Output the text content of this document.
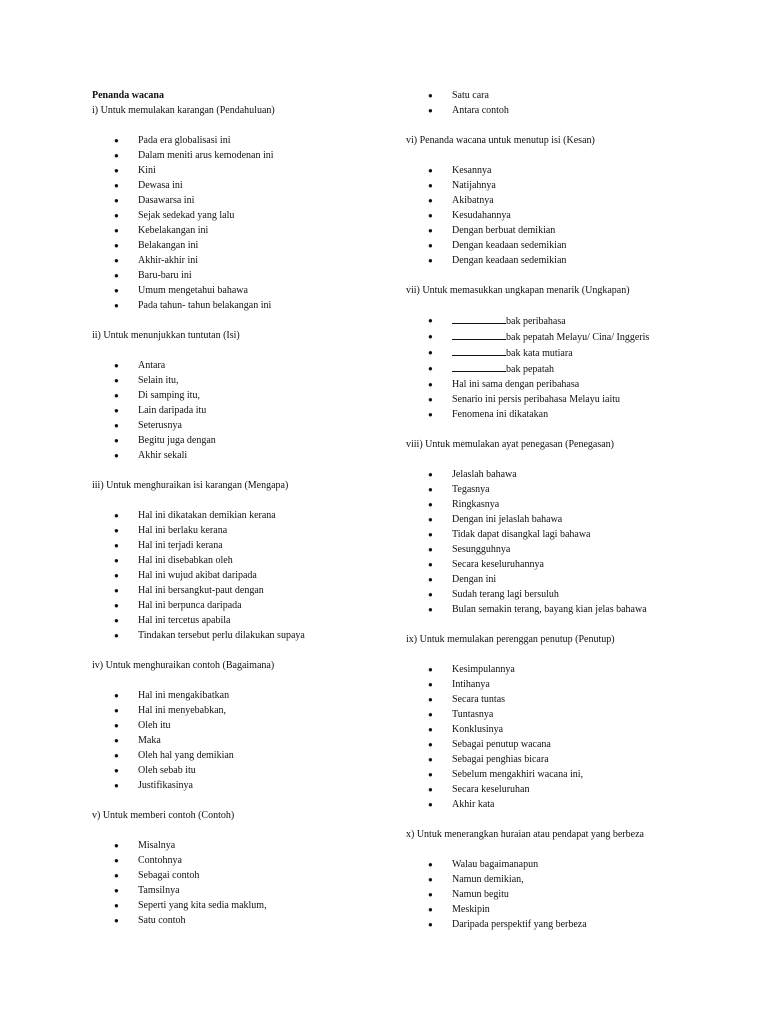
Penanda wacana
i) Untuk memulakan karangan (Pendahuluan)
● Pada era globalisasi ini
● Dalam meniti arus kemodenan ini
● Kini
● Dewasa ini
● Dasawarsa ini
● Sejak sedekad yang lalu
● Kebelakangan ini
● Belakangan ini
● Akhir-akhir ini
● Baru-baru ini
● Umum mengetahui bahawa
● Pada tahun- tahun belakangan ini
ii) Untuk menunjukkan tuntutan (Isi)
● Antara
● Selain itu,
● Di samping itu,
● Lain daripada itu
● Seterusnya
● Begitu juga dengan
● Akhir sekali
iii) Untuk menghuraikan isi karangan (Mengapa)
● Hal ini dikatakan demikian kerana
● Hal ini berlaku kerana
● Hal ini terjadi kerana
● Hal ini disebabkan oleh
● Hal ini wujud akibat daripada
● Hal ini bersangkut-paut dengan
● Hal ini berpunca daripada
● Hal ini tercetus apabila
● Tindakan tersebut perlu dilakukan supaya
iv) Untuk menghuraikan contoh (Bagaimana)
● Hal ini mengakibatkan
● Hal ini menyebabkan,
● Oleh itu
● Maka
● Oleh hal yang demikian
● Oleh sebab itu
● Justifikasinya
v) Untuk memberi contoh (Contoh)
● Misalnya
● Contohnya
● Sebagai contoh
● Tamsilnya
● Seperti yang kita sedia maklum,
● Satu contoh
● Satu cara
● Antara contoh
vi) Penanda wacana untuk menutup isi (Kesan)
● Kesannya
● Natijahnya
● Akibatnya
● Kesudahannya
● Dengan berbuat demikian
● Dengan keadaan sedemikian
● Dengan keadaan sedemikian
vii) Untuk memasukkan ungkapan menarik (Ungkapan)
●	bak peribahasa
●	bak pepatah Melayu/ Cina/ Inggeris
●	bak kata mutiara
●	bak pepatah
● Hal ini sama dengan peribahasa
● Senario ini persis peribahasa Melayu iaitu
● Fenomena ini dikatakan
viii) Untuk memulakan ayat penegasan (Penegasan)
● Jelaslah bahawa
● Tegasnya
● Ringkasnya
● Dengan ini jelaslah bahawa
● Tidak dapat disangkal lagi bahawa
● Sesungguhnya
● Secara keseluruhannya
● Dengan ini
● Sudah terang lagi bersuluh
● Bulan semakin terang, bayang kian jelas bahawa
ix) Untuk memulakan perenggan penutup (Penutup)
● Kesimpulannya
● Intihanya
● Secara tuntas
● Tuntasnya
● Konklusinya
● Sebagai penutup wacana
● Sebagai penghias bicara
● Sebelum mengakhiri wacana ini,
● Secara keseluruhan
● Akhir kata
x) Untuk menerangkan huraian atau pendapat yang berbeza
● Walau bagaimanapun
● Namun demikian,
● Namun begitu
● Meskipin
● Daripada perspektif yang berbeza
